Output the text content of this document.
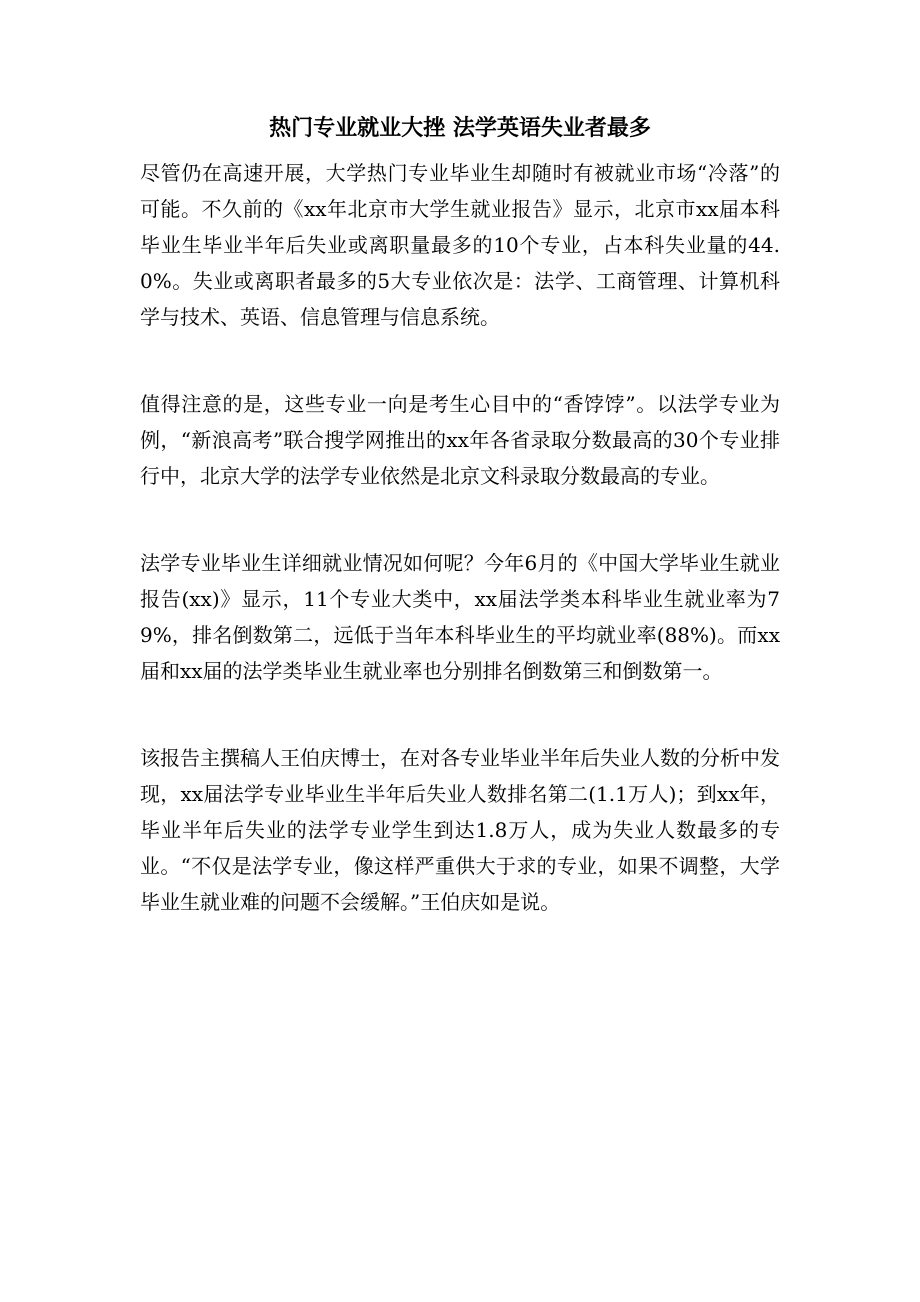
热门专业就业大挫 法学英语失业者最多

尽管仍在高速开展，大学热门专业毕业生却随时有被就业市场“冷落”的可能。不久前的《xx年北京市大学生就业报告》显示，北京市xx届本科毕业生毕业半年后失业或离职量最多的10个专业，占本科失业量的44.0%。失业或离职者最多的5大专业依次是：法学、工商管理、计算机科学与技术、英语、信息管理与信息系统。

值得注意的是，这些专业一向是考生心目中的“香饽饽”。以法学专业为例，“新浪高考”联合搜学网推出的xx年各省录取分数最高的30个专业排行中，北京大学的法学专业依然是北京文科录取分数最高的专业。

法学专业毕业生详细就业情况如何呢？今年6月的《中国大学毕业生就业报告(xx)》显示，11个专业大类中，xx届法学类本科毕业生就业率为79%，排名倒数第二，远低于当年本科毕业生的平均就业率(88%)。而xx届和xx届的法学类毕业生就业率也分别排名倒数第三和倒数第一。

该报告主撰稿人王伯庆博士，在对各专业毕业半年后失业人数的分析中发现，xx届法学专业毕业生半年后失业人数排名第二(1.1万人)；到xx年，毕业半年后失业的法学专业学生到达1.8万人，成为失业人数最多的专业。“不仅是法学专业，像这样严重供大于求的专业，如果不调整，大学毕业生就业难的问题不会缓解。”王伯庆如是说。
